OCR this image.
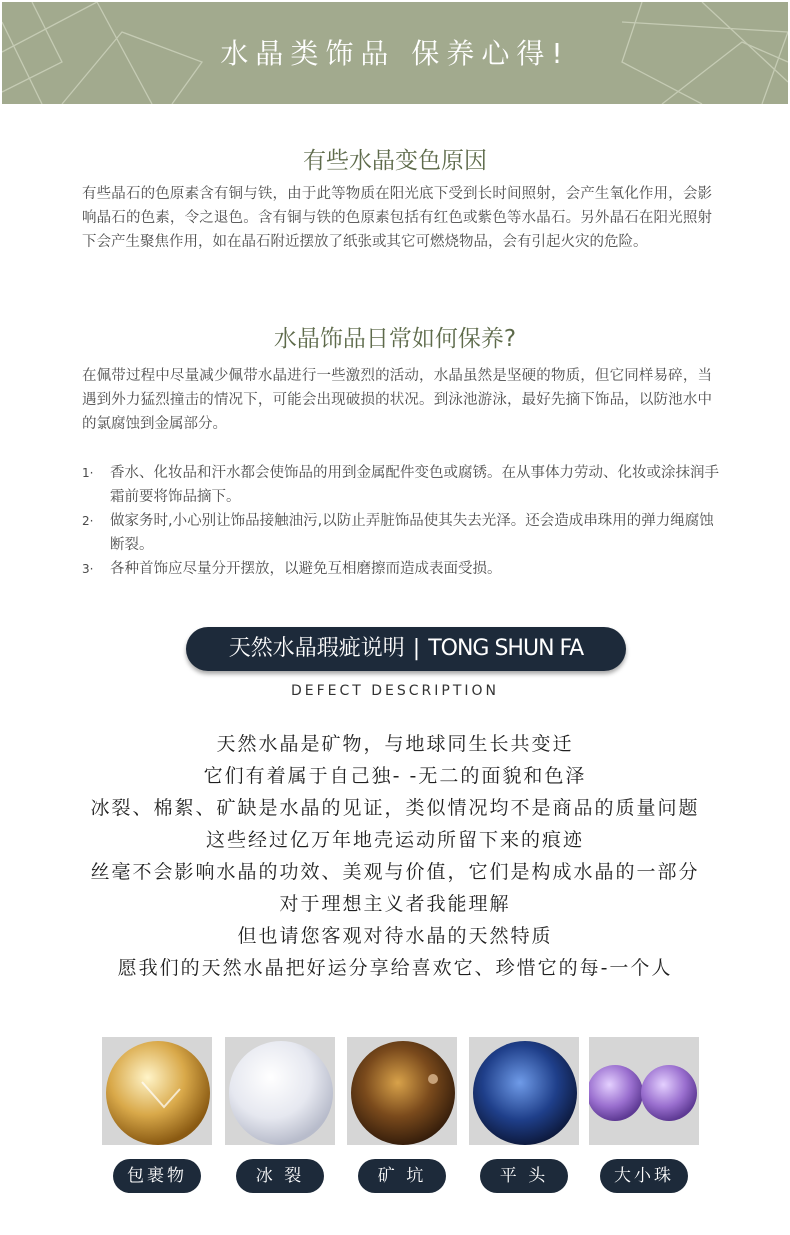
水晶类饰品 保养心得!
有些水晶变色原因
有些晶石的色原素含有铜与铁，由于此等物质在阳光底下受到长时间照射，会产生氧化作用，会影响晶石的色素，令之退色。含有铜与铁的色原素包括有红色或紫色等水晶石。另外晶石在阳光照射下会产生聚焦作用，如在晶石附近摆放了纸张或其它可燃烧物品，会有引起火灾的危险。
水晶饰品日常如何保养?
在佩带过程中尽量减少佩带水晶进行一些激烈的活动，水晶虽然是坚硬的物质，但它同样易碎，当遇到外力猛烈撞击的情况下，可能会出现破损的状况。到泳池游泳，最好先摘下饰品，以防池水中的氯腐蚀到金属部分。
1· 香水、化妆品和汗水都会使饰品的用到金属配件变色或腐锈。在从事体力劳动、化妆或涂抹润手霜前要将饰品摘下。
2· 做家务时,小心别让饰品接触油污,以防止弄脏饰品使其失去光泽。还会造成串珠用的弹力绳腐蚀断裂。
3· 各种首饰应尽量分开摆放，以避免互相磨擦而造成表面受损。
天然水晶瑕疵说明 | TONG SHUN FA
DEFECT DESCRIPTION
天然水晶是矿物，与地球同生长共变迁
它们有着属于自己独- -无二的面貌和色泽
冰裂、棉絮、矿缺是水晶的见证，类似情况均不是商品的质量问题
这些经过亿万年地壳运动所留下来的痕迹
丝毫不会影响水晶的功效、美观与价值，它们是构成水晶的一部分
对于理想主义者我能理解
但也请您客观对待水晶的天然特质
愿我们的天然水晶把好运分享给喜欢它、珍惜它的每-一个人
包裹物	冰 裂	矿 坑	平 头	大小珠
